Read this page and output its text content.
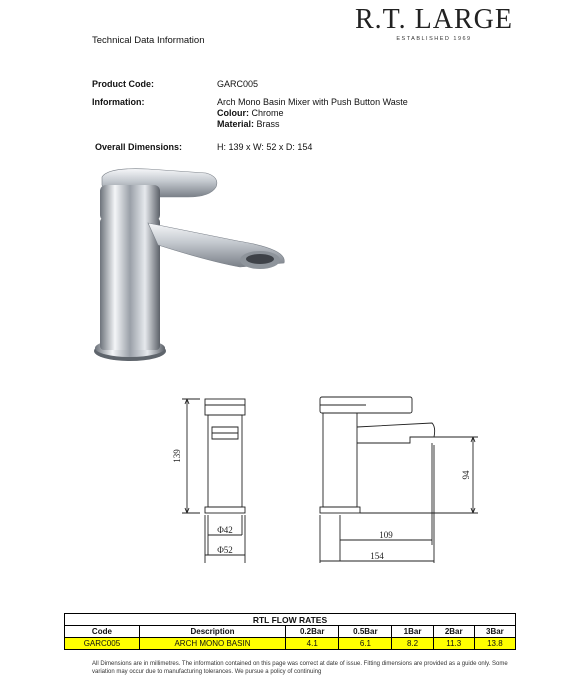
Technical Data Information
R.T. LARGE
ESTABLISHED 1969
Product Code:	GARC005
Information:	Arch Mono Basin Mixer with Push Button Waste
Colour: Chrome
Material: Brass
Overall Dimensions:	H: 139 x W: 52 x D: 154
139
Φ42
Φ52
94
109
154
RTL FLOW RATES						
Code	Description	0.2Bar	0.5Bar	1Bar	2Bar	3Bar
GARC005	ARCH MONO BASIN	4.1	6.1	8.2	11.3	13.8
All Dimensions are in millimetres. The information contained on this page was correct at date of issue. Fitting dimensions are provided as a guide only. Some variation may occur due to manufacturing tolerances. We pursue a policy of continuing
